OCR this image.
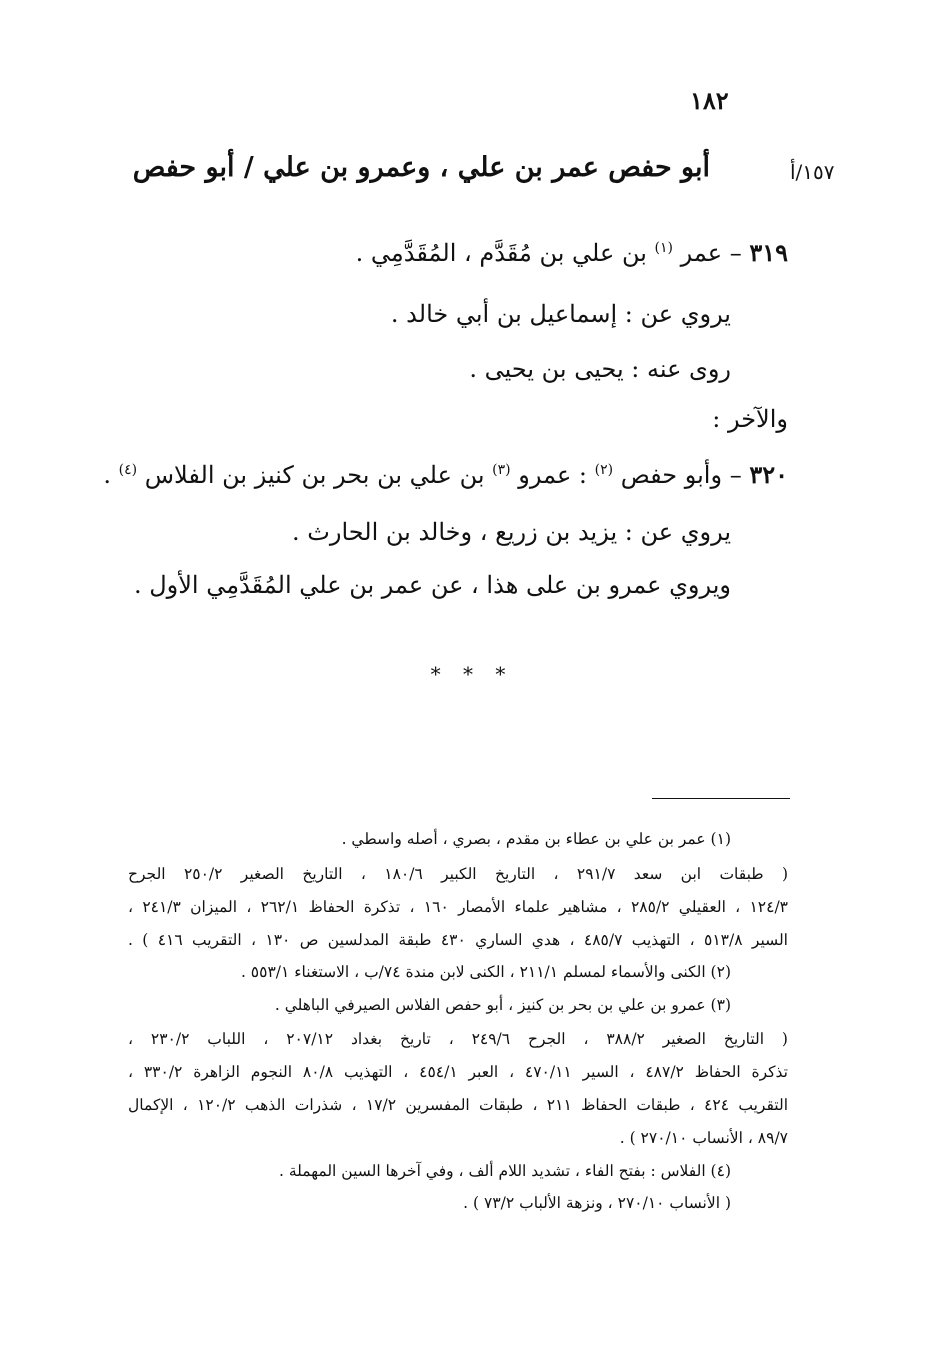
١٨٢
١٥٧/أ
أبو حفص عمر بن علي ، وعمرو بن علي / أبو حفص
٣١٩ – عمر $^{(١)}$ بن علي بن مُقَدَّم ، المُقَدَّمِي .
يروي عن : إسماعيل بن أبي خالد .
روى عنه : يحيى بن يحيى .
والآخر :
٣٢٠ – وأبو حفص $^{(٢)}$ : عمرو $^{(٣)}$ بن علي بن بحر بن كنيز بن الفلاس $^{(٤)}$ .
يروي عن : يزيد بن زريع ، وخالد بن الحارث .
ويروي عمرو بن على هذا ، عن عمر بن علي المُقَدَّمِي الأول .
* * *
(١) عمر بن علي بن عطاء بن مقدم ، بصري ، أصله واسطي .
( طبقات ابن سعد ٢٩١/٧ ، التاريخ الكبير ١٨٠/٦ ، التاريخ الصغير ٢٥٠/٢ الجرح
١٢٤/٣ ، العقيلي ٢٨٥/٢ ، مشاهير علماء الأمصار ١٦٠ ، تذكرة الحفاظ ٢٦٢/١ ، الميزان ٢٤١/٣ ،
السير ٥١٣/٨ ، التهذيب ٤٨٥/٧ ، هدي الساري ٤٣٠ طبقة المدلسين ص ١٣٠ ، التقريب ٤١٦ ) .
(٢) الكنى والأسماء لمسلم ٢١١/١ ، الكنى لابن مندة ٧٤/ب ، الاستغناء ٥٥٣/١ .
(٣) عمرو بن علي بن بحر بن كنيز ، أبو حفص الفلاس الصيرفي الباهلي .
( التاريخ الصغير ٣٨٨/٢ ، الجرح ٢٤٩/٦ ، تاريخ بغداد ٢٠٧/١٢ ، اللباب ٢٣٠/٢ ،
تذكرة الحفاظ ٤٨٧/٢ ، السير ٤٧٠/١١ ، العبر ٤٥٤/١ ، التهذيب ٨٠/٨ النجوم الزاهرة ٣٣٠/٢ ،
التقريب ٤٢٤ ، طبقات الحفاظ ٢١١ ، طبقات المفسرين ١٧/٢ ، شذرات الذهب ١٢٠/٢ ، الإكمال
٨٩/٧ ، الأنساب ٢٧٠/١٠ ) .
(٤) الفلاس : بفتح الفاء ، تشديد اللام ألف ، وفي آخرها السين المهملة .
( الأنساب ٢٧٠/١٠ ، ونزهة الألباب ٧٣/٢ ) .
